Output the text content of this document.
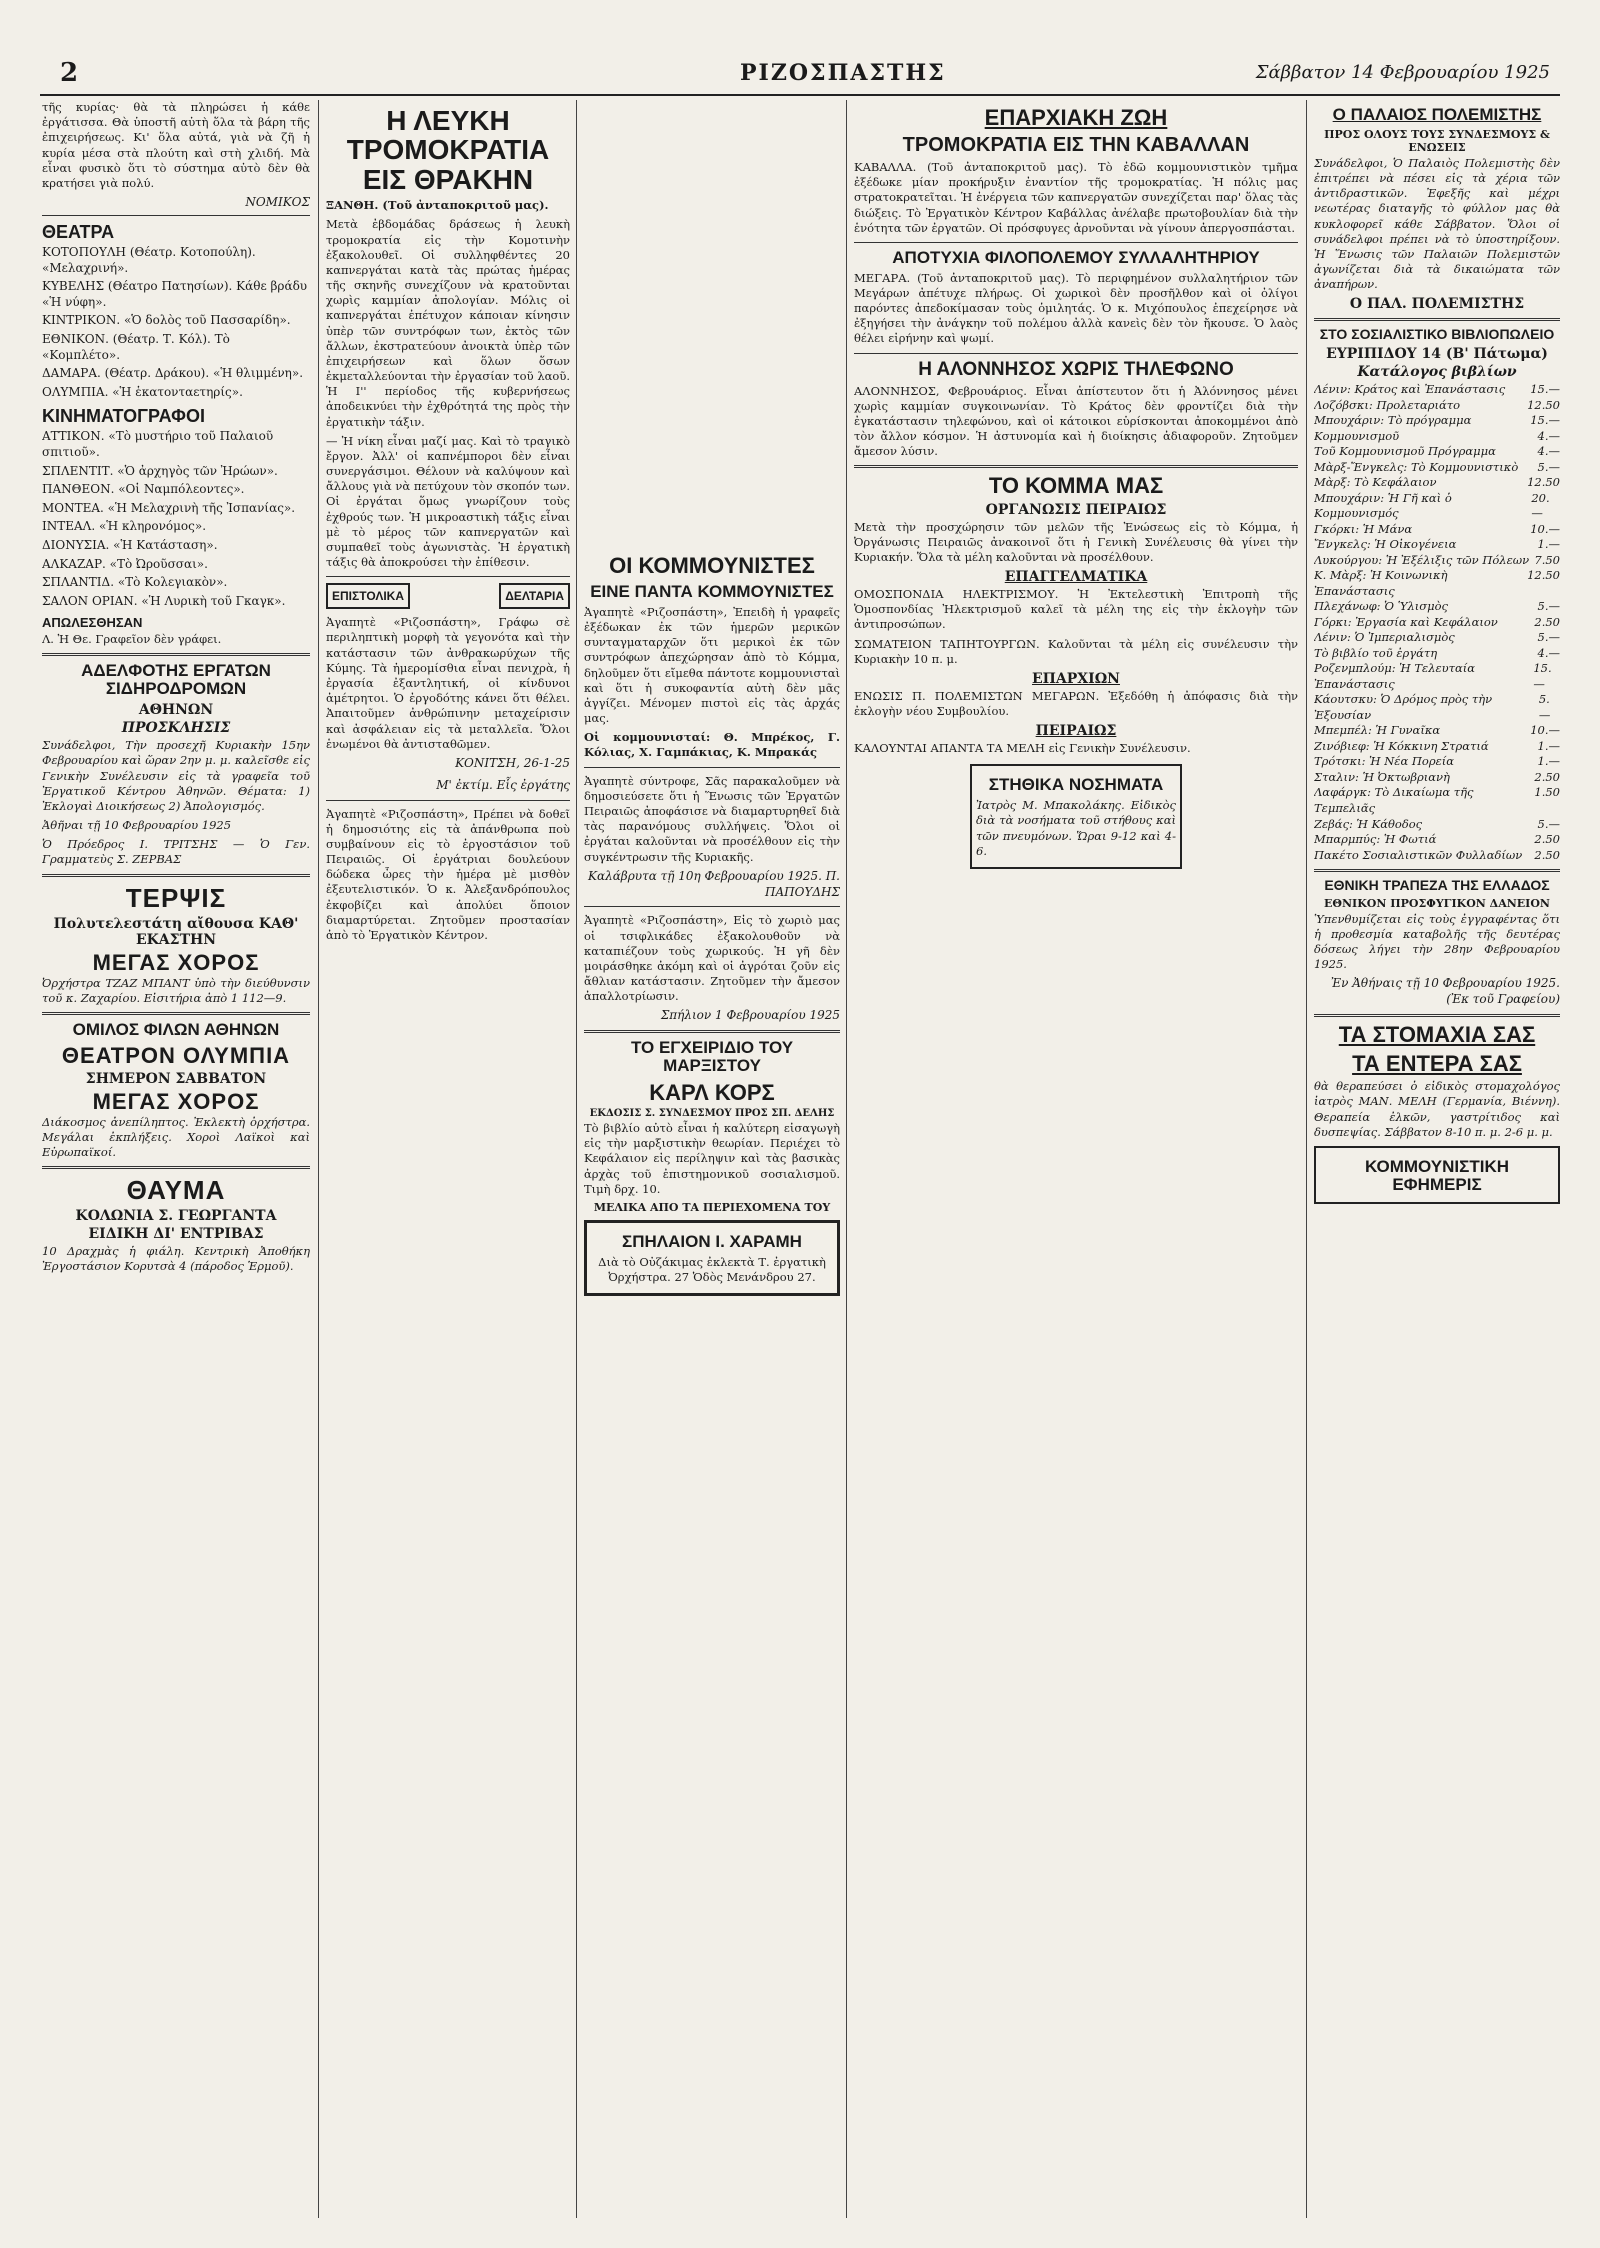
2	ΡΙΖΟΣΠΑΣΤΗΣ	Σάββατον 14 Φεβρουαρίου 1925

τῆς κυρίας· θὰ τὰ πληρώσει ἡ κάθε ἐργάτισσα. Θὰ ὑποστῆ αὐτὴ ὅλα τὰ βάρη τῆς ἐπιχειρήσεως. Κι' ὅλα αὐτά, γιὰ νὰ ζῆ ἡ κυρία μέσα στὰ πλούτη καὶ στὴ χλιδή. Μὰ εἶναι φυσικὸ ὅτι τὸ σύστημα αὐτὸ δὲν θὰ κρατήσει γιὰ πολύ.

ΝΟΜΙΚΟΣ
ΘΕΑΤΡΑ
ΚΟΤΟΠΟΥΛΗ (Θέατρ. Κοτοπούλη). «Μελαχρινή».
ΚΥΒΕΛΗΣ (Θέατρο Πατησίων). Κάθε βράδυ «Ἡ νύφη».
ΚΙΝΤΡΙΚΟΝ. «Ὁ δολὸς τοῦ Πασσαρίδη».
ΕΘΝΙΚΟΝ. (Θέατρ. Τ. Κόλ). Τὸ «Κομπλέτο».
ΔΑΜΑΡΑ. (Θέατρ. Δράκου). «Ἡ θλιμμένη».
ΟΛΥΜΠΙΑ. «Ἡ ἑκατονταετηρίς».
ΚΙΝΗΜΑΤΟΓΡΑΦΟΙ
ΑΤΤΙΚΟΝ. «Τὸ μυστήριο τοῦ Παλαιοῦ σπιτιοῦ».
ΣΠΛΕΝΤΙΤ. «Ὁ ἀρχηγὸς τῶν Ἠρώων».
ΠΑΝΘΕΟΝ. «Οἱ Ναμπόλεοντες».
ΜΟΝΤΕΑ. «Ἡ Μελαχρινὴ τῆς Ἰσπανίας».
ΙΝΤΕΑΛ. «Ἡ κληρονόμος».
ΔΙΟΝΥΣΙΑ. «Ἡ Κατάσταση».
ΑΛΚΑΖΑΡ. «Τὸ Ὠροῦσσαι».
ΣΠΛΑΝΤΙΔ. «Τὸ Κολεγιακὸν».
ΣΑΛΟΝ ΟΡΙΑΝ. «Ἡ Λυρικὴ τοῦ Γκαγκ».
ΑΠΩΛΕΣΘΗΣΑΝ

Λ. Ἡ Θε. Γραφεῖον δὲν γράφει.

ΑΔΕΛΦΟΤΗΣ ΕΡΓΑΤΩΝ ΣΙΔΗΡΟΔΡΟΜΩΝ
ΑΘΗΝΩΝ
ΠΡΟΣΚΛΗΣΙΣ

Συνάδελφοι, Τὴν προσεχῆ Κυριακὴν 15ην Φεβρουαρίου καὶ ὥραν 2ην μ. μ. καλεῖσθε εἰς Γενικὴν Συνέλευσιν εἰς τὰ γραφεῖα τοῦ Ἐργατικοῦ Κέντρου Ἀθηνῶν. Θέματα: 1) Ἐκλογαὶ Διοικήσεως 2) Ἀπολογισμός.

Ἀθῆναι τῇ 10 Φεβρουαρίου 1925

Ὁ Πρόεδρος Ι. ΤΡΙΤΣΗΣ — Ὁ Γεν. Γραμματεὺς Σ. ΖΕΡΒΑΣ

ΤΕΡΨΙΣ
Πολυτελεστάτη αἴθουσα ΚΑΘ' ΕΚΑΣΤΗΝ
ΜΕΓΑΣ ΧΟΡΟΣ

Ὀρχήστρα ΤΖΑΖ ΜΠΑΝΤ ὑπὸ τὴν διεύθυνσιν τοῦ κ. Ζαχαρίου. Εἰσιτήρια ἀπὸ 1 112—9.

ΟΜΙΛΟΣ ΦΙΛΩΝ ΑΘΗΝΩΝ
ΘΕΑΤΡΟΝ ΟΛΥΜΠΙΑ
ΣΗΜΕΡΟΝ ΣΑΒΒΑΤΟΝ
ΜΕΓΑΣ ΧΟΡΟΣ

Διάκοσμος ἀνεπίληπτος. Ἐκλεκτὴ ὀρχήστρα. Μεγάλαι ἐκπλήξεις. Χοροὶ Λαϊκοὶ καὶ Εὐρωπαϊκοί.

ΘΑΥΜΑ
ΚΟΛΩΝΙΑ Σ. ΓΕΩΡΓΑΝΤΑ
ΕΙΔΙΚΗ ΔΙ' ΕΝΤΡΙΒΑΣ

10 Δραχμὰς ἡ φιάλη. Κεντρικὴ Ἀποθήκη Ἐργοστάσιον Κορυτσὰ 4 (πάροδος Ἑρμοῦ).

Η ΛΕΥΚΗ ΤΡΟΜΟΚΡΑΤΙΑ ΕΙΣ ΘΡΑΚΗΝ

ΞΑΝΘΗ. (Τοῦ ἀνταποκριτοῦ μας).

Μετὰ ἐβδομάδας δράσεως ἡ λευκὴ τρομοκρατία εἰς τὴν Κομοτινὴν ἐξακολουθεῖ. Οἱ συλληφθέντες 20 καπνεργάται κατὰ τὰς πρώτας ἡμέρας τῆς σκηνῆς συνεχίζουν νὰ κρατοῦνται χωρὶς καμμίαν ἀπολογίαν. Μόλις οἱ καπνεργάται ἐπέτυχον κάποιαν κίνησιν ὑπὲρ τῶν συντρόφων των, ἐκτὸς τῶν ἄλλων, ἐκστρατεύουν ἀνοικτὰ ὑπὲρ τῶν ἐπιχειρήσεων καὶ ὅλων ὅσων ἐκμεταλλεύονται τὴν ἐργασίαν τοῦ λαοῦ. Ἡ Ι'' περίοδος τῆς κυβερνήσεως ἀποδεικνύει τὴν ἐχθρότητά της πρὸς τὴν ἐργατικὴν τάξιν.

— Ἡ νίκη εἶναι μαζί μας. Καὶ τὸ τραγικὸ ἔργον. Ἀλλ' οἱ καπνέμποροι δὲν εἶναι συνεργάσιμοι. Θέλουν νὰ καλύψουν καὶ ἄλλους γιὰ νὰ πετύχουν τὸν σκοπόν των. Οἱ ἐργάται ὅμως γνωρίζουν τοὺς ἐχθρούς των. Ἡ μικροαστικὴ τάξις εἶναι μὲ τὸ μέρος τῶν καπνεργατῶν καὶ συμπαθεῖ τοὺς ἀγωνιστὰς. Ἡ ἐργατικὴ τάξις θὰ ἀποκρούσει τὴν ἐπίθεσιν.

ΕΠΙΣΤΟΛΙΚΑ	ΔΕΛΤΑΡΙΑ

Ἀγαπητὲ «Ριζοσπάστη», Γράφω σὲ περιληπτικὴ μορφὴ τὰ γεγονότα καὶ τὴν κατάστασιν τῶν ἀνθρακωρύχων τῆς Κύμης. Τὰ ἡμερομίσθια εἶναι πενιχρὰ, ἡ ἐργασία ἐξαντλητική, οἱ κίνδυνοι ἀμέτρητοι. Ὁ ἐργοδότης κάνει ὅτι θέλει. Ἀπαιτοῦμεν ἀνθρώπινην μεταχείρισιν καὶ ἀσφάλειαν εἰς τὰ μεταλλεῖα. Ὅλοι ἑνωμένοι θὰ ἀντισταθῶμεν.

ΚΟΝΙΤΣΗ, 26-1-25

Μ' ἐκτίμ. Εἷς ἐργάτης

Ἀγαπητὲ «Ριζοσπάστη», Πρέπει νὰ δοθεῖ ἡ δημοσιότης εἰς τὰ ἀπάνθρωπα ποὺ συμβαίνουν εἰς τὸ ἐργοστάσιον τοῦ Πειραιῶς. Οἱ ἐργάτριαι δουλεύουν δώδεκα ὧρες τὴν ἡμέρα μὲ μισθὸν ἐξευτελιστικόν. Ὁ κ. Ἀλεξανδρόπουλος ἐκφοβίζει καὶ ἀπολύει ὅποιον διαμαρτύρεται. Ζητοῦμεν προστασίαν ἀπὸ τὸ Ἐργατικὸν Κέντρον.

ΟΙ ΚΟΜΜΟΥΝΙΣΤΕΣ
ΕΙΝΕ ΠΑΝΤΑ ΚΟΜΜΟΥΝΙΣΤΕΣ

Ἀγαπητὲ «Ριζοσπάστη», Ἐπειδὴ ἡ γραφεῖς ἐξέδωκαν ἐκ τῶν ἡμερῶν μερικῶν συνταγματαρχῶν ὅτι μερικοὶ ἐκ τῶν συντρόφων ἀπεχώρησαν ἀπὸ τὸ Κόμμα, δηλοῦμεν ὅτι εἴμεθα πάντοτε κομμουνισταὶ καὶ ὅτι ἡ συκοφαντία αὐτὴ δὲν μᾶς ἀγγίζει. Μένομεν πιστοὶ εἰς τὰς ἀρχάς μας.

Οἱ κομμουνισταί: Θ. Μπρέκος, Γ. Κόλιας, Χ. Γαμπάκιας, Κ. Μπρακάς

Ἀγαπητὲ σύντροφε, Σᾶς παρακαλοῦμεν νὰ δημοσιεύσετε ὅτι ἡ Ἕνωσις τῶν Ἐργατῶν Πειραιῶς ἀποφάσισε νὰ διαμαρτυρηθεῖ διὰ τὰς παρανόμους συλλήψεις. Ὅλοι οἱ ἐργάται καλοῦνται νὰ προσέλθουν εἰς τὴν συγκέντρωσιν τῆς Κυριακῆς.

Καλάβρυτα τῇ 10η Φεβρουαρίου 1925. Π. ΠΑΠΟΥΔΗΣ

Ἀγαπητὲ «Ριζοσπάστη», Εἰς τὸ χωριὸ μας οἱ τσιφλικάδες ἐξακολουθοῦν νὰ καταπιέζουν τοὺς χωρικούς. Ἡ γῆ δὲν μοιράσθηκε ἀκόμη καὶ οἱ ἀγρόται ζοῦν εἰς ἄθλιαν κατάστασιν. Ζητοῦμεν τὴν ἄμεσον ἀπαλλοτρίωσιν.

Σπήλιον 1 Φεβρουαρίου 1925

ΤΟ ΕΓΧΕΙΡΙΔΙΟ ΤΟΥ ΜΑΡΞΙΣΤΟΥ
ΚΑΡΛ ΚΟΡΣ
ΕΚΔΟΣΙΣ Σ. ΣΥΝΔΕΣΜΟΥ ΠΡΟΣ ΣΠ. ΔΕΛΗΣ

Τὸ βιβλίο αὐτὸ εἶναι ἡ καλύτερη εἰσαγωγὴ εἰς τὴν μαρξιστικὴν θεωρίαν. Περιέχει τὸ Κεφάλαιον εἰς περίληψιν καὶ τὰς βασικὰς ἀρχὰς τοῦ ἐπιστημονικοῦ σοσιαλισμοῦ. Τιμὴ δρχ. 10.

ΜΕΛΙΚΑ ΑΠΟ ΤΑ ΠΕΡΙΕΧΟΜΕΝΑ ΤΟΥ
ΣΠΗΛΑΙΟΝ Ι. ΧΑΡΑΜΗ

Διὰ τὸ Οὐζάκιμας ἐκλεκτὰ Τ. ἐργατικὴ Ὀρχήστρα. 27 Ὁδὸς Μενάνδρου 27.

ΕΠΑΡΧΙΑΚΗ ΖΩΗ
ΤΡΟΜΟΚΡΑΤΙΑ ΕΙΣ ΤΗΝ ΚΑΒΑΛΛΑΝ

ΚΑΒΑΛΛΑ. (Τοῦ ἀνταποκριτοῦ μας). Τὸ ἐδῶ κομμουνιστικὸν τμῆμα ἐξέδωκε μίαν προκήρυξιν ἐναντίον τῆς τρομοκρατίας. Ἡ πόλις μας στρατοκρατεῖται. Ἡ ἐνέργεια τῶν καπνεργατῶν συνεχίζεται παρ' ὅλας τὰς διώξεις. Τὸ Ἐργατικὸν Κέντρον Καβάλλας ἀνέλαβε πρωτοβουλίαν διὰ τὴν ἑνότητα τῶν ἐργατῶν. Οἱ πρόσφυγες ἀρνοῦνται νὰ γίνουν ἀπεργοσπάσται.

ΑΠΟΤΥΧΙΑ ΦΙΛΟΠΟΛΕΜΟΥ ΣΥΛΛΑΛΗΤΗΡΙΟΥ

ΜΕΓΑΡΑ. (Τοῦ ἀνταποκριτοῦ μας). Τὸ περιφημένον συλλαλητήριον τῶν Μεγάρων ἀπέτυχε πλήρως. Οἱ χωρικοὶ δὲν προσῆλθον καὶ οἱ ὀλίγοι παρόντες ἀπεδοκίμασαν τοὺς ὁμιλητάς. Ὁ κ. Μιχόπουλος ἐπεχείρησε νὰ ἐξηγήσει τὴν ἀνάγκην τοῦ πολέμου ἀλλὰ κανεὶς δὲν τὸν ἤκουσε. Ὁ λαὸς θέλει εἰρήνην καὶ ψωμί.

Η ΑΛΟΝΝΗΣΟΣ ΧΩΡΙΣ ΤΗΛΕΦΩΝΟ

ΑΛΟΝΝΗΣΟΣ, Φεβρουάριος. Εἶναι ἀπίστευτον ὅτι ἡ Ἀλόννησος μένει χωρὶς καμμίαν συγκοινωνίαν. Τὸ Κράτος δὲν φροντίζει διὰ τὴν ἐγκατάστασιν τηλεφώνου, καὶ οἱ κάτοικοι εὑρίσκονται ἀποκομμένοι ἀπὸ τὸν ἄλλον κόσμον. Ἡ ἀστυνομία καὶ ἡ διοίκησις ἀδιαφοροῦν. Ζητοῦμεν ἄμεσον λύσιν.

ΤΟ ΚΟΜΜΑ ΜΑΣ
ΟΡΓΑΝΩΣΙΣ ΠΕΙΡΑΙΩΣ

Μετὰ τὴν προσχώρησιν τῶν μελῶν τῆς Ἑνώσεως εἰς τὸ Κόμμα, ἡ Ὀργάνωσις Πειραιῶς ἀνακοινοῖ ὅτι ἡ Γενικὴ Συνέλευσις θὰ γίνει τὴν Κυριακήν. Ὅλα τὰ μέλη καλοῦνται νὰ προσέλθουν.

ΕΠΑΓΓΕΛΜΑΤΙΚΑ

ΟΜΟΣΠΟΝΔΙΑ ΗΛΕΚΤΡΙΣΜΟΥ. Ἡ Ἐκτελεστικὴ Ἐπιτροπὴ τῆς Ὁμοσπονδίας Ἠλεκτρισμοῦ καλεῖ τὰ μέλη της εἰς τὴν ἐκλογὴν τῶν ἀντιπροσώπων.

ΣΩΜΑΤΕΙΟΝ ΤΑΠΗΤΟΥΡΓΩΝ. Καλοῦνται τὰ μέλη εἰς συνέλευσιν τὴν Κυριακὴν 10 π. μ.

ΕΠΑΡΧΙΩΝ

ΕΝΩΣΙΣ Π. ΠΟΛΕΜΙΣΤΩΝ ΜΕΓΑΡΩΝ. Ἐξεδόθη ἡ ἀπόφασις διὰ τὴν ἐκλογὴν νέου Συμβουλίου.

ΠΕΙΡΑΙΩΣ

ΚΑΛΟΥΝΤΑΙ ΑΠΑΝΤΑ ΤΑ ΜΕΛΗ εἰς Γενικὴν Συνέλευσιν.

ΣΤΗΘΙΚΑ ΝΟΣΗΜΑΤΑ

Ἰατρὸς Μ. Μπακολάκης. Εἰδικὸς διὰ τὰ νοσήματα τοῦ στήθους καὶ τῶν πνευμόνων. Ὥραι 9-12 καὶ 4-6.

Ο ΠΑΛΑΙΟΣ ΠΟΛΕΜΙΣΤΗΣ
ΠΡΟΣ ΟΛΟΥΣ ΤΟΥΣ ΣΥΝΔΕΣΜΟΥΣ & ΕΝΩΣΕΙΣ

Συνάδελφοι, Ὁ Παλαιὸς Πολεμιστὴς δὲν ἐπιτρέπει νὰ πέσει εἰς τὰ χέρια τῶν ἀντιδραστικῶν. Ἐφεξῆς καὶ μέχρι νεωτέρας διαταγῆς τὸ φύλλον μας θὰ κυκλοφορεῖ κάθε Σάββατον. Ὅλοι οἱ συνάδελφοι πρέπει νὰ τὸ ὑποστηρίξουν. Ἡ Ἕνωσις τῶν Παλαιῶν Πολεμιστῶν ἀγωνίζεται διὰ τὰ δικαιώματα τῶν ἀναπήρων.

Ο ΠΑΛ. ΠΟΛΕΜΙΣΤΗΣ
ΣΤΟ ΣΟΣΙΑΛΙΣΤΙΚΟ ΒΙΒΛΙΟΠΩΛΕΙΟ
ΕΥΡΙΠΙΔΟΥ 14 (Β' Πάτωμα)
Κατάλογος βιβλίων
Λένιν: Κράτος καὶ Ἐπανάστασις 15.—
Λοζόβσκι: Προλεταριάτο	12.50
Μπουχάριν: Τὸ πρόγραμμα	15.—
Κομμουνισμοῦ	4.—
Τοῦ Κομμουνισμοῦ Πρόγραμμα	4.—
Μὰρξ-Ἔνγκελς: Τὸ Κομμουνιστικὸ 5.—
Μὰρξ: Τὸ Κεφάλαιον	12.50
Μπουχάριν: Ἡ Γῆ καὶ ὁ Κομμουνισμός
20.—
Γκόρκι: Ἡ Μάνα	10.—
Ἔνγκελς: Ἡ Οἰκογένεια	1.—
Λυκούργου: Ἡ Ἐξέλιξις τῶν Πόλεων 7.50
Κ. Μὰρξ: Ἡ Κοινωνικὴ Ἐπανάστασις
12.50
Πλεχάνωφ: Ὁ Ὑλισμὸς	5.—
Γόρκι: Ἐργασία καὶ Κεφάλαιον	2.50
Λένιν: Ὁ Ἰμπεριαλισμὸς	5.—
Τὸ βιβλίο τοῦ ἐργάτη	4.—
Ροζενμπλούμ: Ἡ Τελευταία Ἐπανάστασις
15.—
Κάουτσκυ: Ὁ Δρόμος πρὸς τὴν Ἐξουσίαν
5.—
Μπεμπέλ: Ἡ Γυναῖκα	10.—
Ζινόβιεφ: Ἡ Κόκκινη Στρατιά	1.—
Τρότσκι: Ἡ Νέα Πορεία	1.—
Σταλιν: Ἡ Ὀκτωβριανὴ	2.50
Λαφάργκ: Τὸ Δικαίωμα τῆς Τεμπελιᾶς
1.50
Ζεβάς: Ἡ Κάθοδος	5.—
Μπαρμπύς: Ἡ Φωτιά	2.50
Πακέτο Σοσιαλιστικῶν Φυλλαδίων 2.50
ΕΘΝΙΚΗ ΤΡΑΠΕΖΑ ΤΗΣ ΕΛΛΑΔΟΣ
ΕΘΝΙΚΟΝ ΠΡΟΣΦΥΓΙΚΟΝ ΔΑΝΕΙΟΝ

Ὑπενθυμίζεται εἰς τοὺς ἐγγραφέντας ὅτι ἡ προθεσμία καταβολῆς τῆς δευτέρας δόσεως λήγει τὴν 28ην Φεβρουαρίου 1925.

Ἐν Ἀθήναις τῇ 10 Φεβρουαρίου 1925. (Ἐκ τοῦ Γραφείου)

ΤΑ ΣΤΟΜΑΧΙΑ ΣΑΣ
ΤΑ ΕΝΤΕΡΑ ΣΑΣ

θὰ θεραπεύσει ὁ εἰδικὸς στομαχολόγος ἰατρὸς ΜΑΝ. ΜΕΛΗ (Γερμανία, Βιέννη). Θεραπεία ἐλκῶν, γαστρίτιδος καὶ δυσπεψίας. Σάββατον 8-10 π. μ. 2-6 μ. μ.

ΚΟΜΜΟΥΝΙΣΤΙΚΗ ΕΦΗΜΕΡΙΣ
